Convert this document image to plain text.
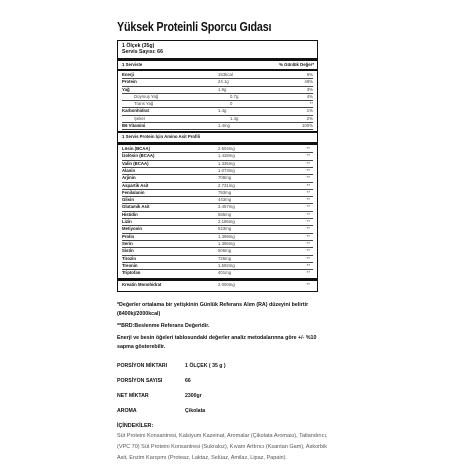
Yüksek Proteinli Sporcu Gıdası
1 Ölçek (35g)
Servis Sayısı: 66
1 Serviste	% Günlük Değer*
Enerji	153kcal	6%
Protein	24.1g	48%
Yağ	1.9g	3%
Doymuş Yağ	0.7g	4%
Trans Yağ	0	**
Karbonhidrat	1.4g	1%
Şeker	1.4g	2%
B6 Vitamini	1.4mg	100%
1 Servis Protein İçin Amino Asit Profili
Lösin (BCAA)	2.504mg	**
İzolösin (BCAA)	1.428mg	**
Valin (BCAA)	1.336mg	**
Alanin	1.073mg	**
Arjinin	708mg	**
Aspartik Asit	2.731mg	**
Fenilalanin	793mg	**
Glisin	443mg	**
Glutamik Asit	3.457mg	**
Histidin	555mg	**
Lizin	2.186mg	**
Metiyonin	523mg	**
Prolin	1.399mg	**
Serin	1.356mg	**
Sistin	506mg	**
Tirozin	726mg	**
Treonin	1.592mg	**
Triptofan	401mg	**
Kreatin Monohidrat	2.000mg	**

*Değerler ortalama bir yetişkinin Günlük Referans Alım (RA) düzeyini belirtir (8400kj/2000kcal)

**BRD:Beslenme Referans Değeridir.

Enerji ve besin öğeleri tablosundaki değerler analiz metodalarınna göre +/- %10 sapma gösterebilir.

PORSİYON MİKTARI	1 ÖLÇEK ( 35 g )
PORSİYON SAYISI	66
NET MİKTAR	2300gr
AROMA	Çikolata
İÇİNDEKİLER:
Süt Proteini Konsantresi, Kalsiyum Kazeinat, Aromalar (Çikolata Aroması), Tatlandırıcı, (VPC 70) Süt Proteini Konsantresi (Sukraloz), Kıvam Arttırıcı (Ksantan Gam), Askorbik Asit, Enzim Karışımı (Proteaz, Laktaz, Selüaz, Amilaz, Lipaz, Papain).
